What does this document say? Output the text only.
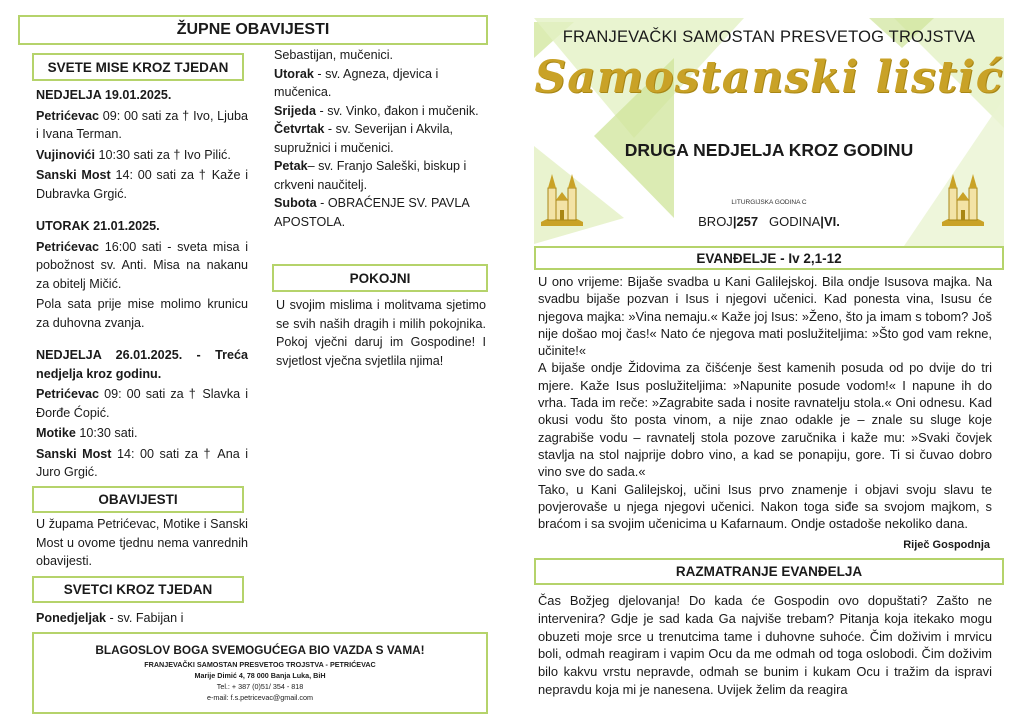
ŽUPNE OBAVIJESTI
SVETE MISE KROZ TJEDAN

NEDJELJA 19.01.2025.

Petrićevac 09: 00 sati za † Ivo, Ljuba i Ivana Terman.

Vujinovići 10:30 sati za † Ivo Pilić.

Sanski Most 14: 00 sati za † Kaže i Dubravka Grgić.

UTORAK 21.01.2025.

Petrićevac 16:00 sati - sveta misa i pobožnost sv. Anti. Misa na nakanu za obitelj Mičić.

Pola sata prije mise molimo krunicu za duhovna zvanja.

NEDJELJA 26.01.2025. - Treća nedjelja kroz godinu.

Petrićevac 09: 00 sati za † Slavka i Đorđe Ćopić.

Motike 10:30 sati.

Sanski Most 14: 00 sati za † Ana i Juro Grgić.

OBAVIJESTI
U župama Petrićevac, Motike i Sanski Most u ovome tjednu nema vanrednih obavijesti.
SVETCI KROZ TJEDAN
Ponedjeljak - sv. Fabijan i

Sebastijan, mučenici.

Utorak - sv. Agneza, djevica i mučenica.

Srijeda - sv. Vinko, đakon i mučenik.

Četvrtak - sv. Severijan i Akvila, supružnici i mučenici.

Petak– sv. Franjo Saleški, biskup i crkveni naučitelj.

Subota - OBRAĆENJE SV. PAVLA APOSTOLA.

POKOJNI
U svojim mislima i molitvama sjetimo se svih naših dragih i milih pokojnika. Pokoj vječni daruj im Gospodine! I svjetlost vječna svjetlila njima!
BLAGOSLOV BOGA SVEMOGUĆEGA BIO VAZDA S VAMA!
FRANJEVAČKI SAMOSTAN PRESVETOG TROJSTVA - PETRIĆEVAC
Marije Dimić 4, 78 000 Banja Luka, BiH
Tel.: + 387 (0)51/ 354 - 818
e-mail: f.s.petricevac@gmail.com
FRANJEVAČKI SAMOSTAN PRESVETOG TROJSTVA
Samostanski listić
DRUGA NEDJELJA KROZ GODINU
LITURGIJSKA GODINA C
BROJ|257 GODINA|VI.
EVANĐELJE - Iv 2,1-12

U ono vrijeme: Bijaše svadba u Kani Galilejskoj. Bila ondje Isusova majka. Na svadbu bijaše pozvan i Isus i njegovi učenici. Kad ponesta vina, Isusu će njegova majka: »Vina nemaju.« Kaže joj Isus: »Ženo, što ja imam s tobom? Još nije došao moj čas!« Nato će njegova mati poslužiteljima: »Što god vam rekne, učinite!«

A bijaše ondje Židovima za čišćenje šest kamenih posuda od po dvije do tri mjere. Kaže Isus poslužiteljima: »Napunite posude vodom!« I napune ih do vrha. Tada im reče: »Zagrabite sada i nosite ravnatelju stola.« Oni odnesu. Kad okusi vodu što posta vinom, a nije znao odakle je – znale su sluge koje zagrabiše vodu – ravnatelj stola pozove zaručnika i kaže mu: »Svaki čovjek stavlja na stol najprije dobro vino, a kad se ponapiju, gore. Ti si čuvao dobro vino sve do sada.«

Tako, u Kani Galilejskoj, učini Isus prvo znamenje i objavi svoju slavu te povjerovaše u njega njegovi učenici. Nakon toga siđe sa svojom majkom, s braćom i sa svojim učenicima u Kafarnaum. Ondje ostadoše nekoliko dana.

Riječ Gospodnja
RAZMATRANJE EVANĐELJA
Čas Božjeg djelovanja! Do kada će Gospodin ovo dopuštati? Zašto ne intervenira? Gdje je sad kada Ga najviše trebam? Pitanja koja itekako mogu obuzeti moje srce u trenutcima tame i duhovne suhoće. Čim doživim i mrvicu boli, odmah reagiram i vapim Ocu da me odmah od toga oslobodi. Čim doživim bilo kakvu vrstu nepravde, odmah se bunim i kukam Ocu i tražim da ispravi nepravdu koja mi je nanesena. Uvijek želim da reagira
